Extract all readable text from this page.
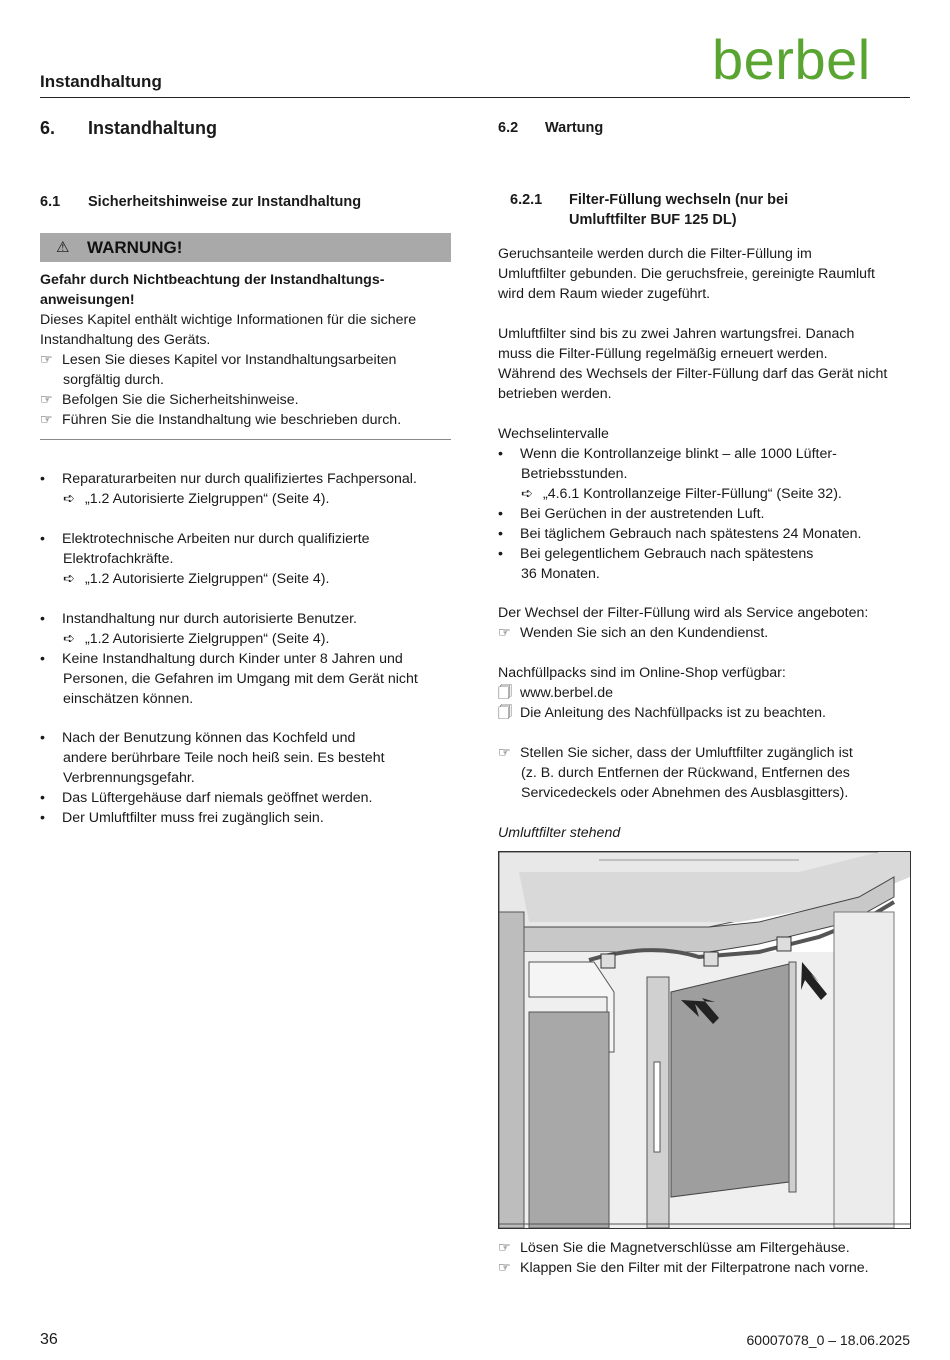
Instandhaltung	berbel
6. Instandhaltung
6.1 Sicherheitshinweise zur Instandhaltung
⚠ WARNUNG!
Gefahr durch Nichtbeachtung der Instandhaltungs-
anweisungen!
Dieses Kapitel enthält wichtige Informationen für die sichere
Instandhaltung des Geräts.
☞ Lesen Sie dieses Kapitel vor Instandhaltungsarbeiten
sorgfältig durch.
☞ Befolgen Sie die Sicherheitshinweise.
☞ Führen Sie die Instandhaltung wie beschrieben durch.
• Reparaturarbeiten nur durch qualifiziertes Fachpersonal.
➪ „1.2 Autorisierte Zielgruppen“ (Seite 4).
• Elektrotechnische Arbeiten nur durch qualifizierte
Elektrofachkräfte.
➪ „1.2 Autorisierte Zielgruppen“ (Seite 4).
• Instandhaltung nur durch autorisierte Benutzer.
➪ „1.2 Autorisierte Zielgruppen“ (Seite 4).
• Keine Instandhaltung durch Kinder unter 8 Jahren und
Personen, die Gefahren im Umgang mit dem Gerät nicht
einschätzen können.
• Nach der Benutzung können das Kochfeld und
andere berührbare Teile noch heiß sein. Es besteht
Verbrennungsgefahr.
• Das Lüftergehäuse darf niemals geöffnet werden.
• Der Umluftfilter muss frei zugänglich sein.
6.2 Wartung
6.2.1 Filter-Füllung wechseln (nur bei
Umluftfilter BUF 125 DL)
Geruchsanteile werden durch die Filter-Füllung im
Umluftfilter gebunden. Die geruchsfreie, gereinigte Raumluft
wird dem Raum wieder zugeführt.
Umluftfilter sind bis zu zwei Jahren wartungsfrei. Danach
muss die Filter-Füllung regelmäßig erneuert werden.
Während des Wechsels der Filter-Füllung darf das Gerät nicht
betrieben werden.
Wechselintervalle
• Wenn die Kontrollanzeige blinkt – alle 1000 Lüfter-
Betriebsstunden.
➪ „4.6.1 Kontrollanzeige Filter-Füllung“ (Seite 32).
• Bei Gerüchen in der austretenden Luft.
• Bei täglichem Gebrauch nach spätestens 24 Monaten.
• Bei gelegentlichem Gebrauch nach spätestens
36 Monaten.
Der Wechsel der Filter-Füllung wird als Service angeboten:
☞ Wenden Sie sich an den Kundendienst.
Nachfüllpacks sind im Online-Shop verfügbar:
🗍 www.berbel.de
🗍 Die Anleitung des Nachfüllpacks ist zu beachten.
☞ Stellen Sie sicher, dass der Umluftfilter zugänglich ist
(z. B. durch Entfernen der Rückwand, Entfernen des
Servicedeckels oder Abnehmen des Ausblasgitters).
Umluftfilter stehend
☞ Lösen Sie die Magnetverschlüsse am Filtergehäuse.
☞ Klappen Sie den Filter mit der Filterpatrone nach vorne.
36	60007078_0 – 18.06.2025
